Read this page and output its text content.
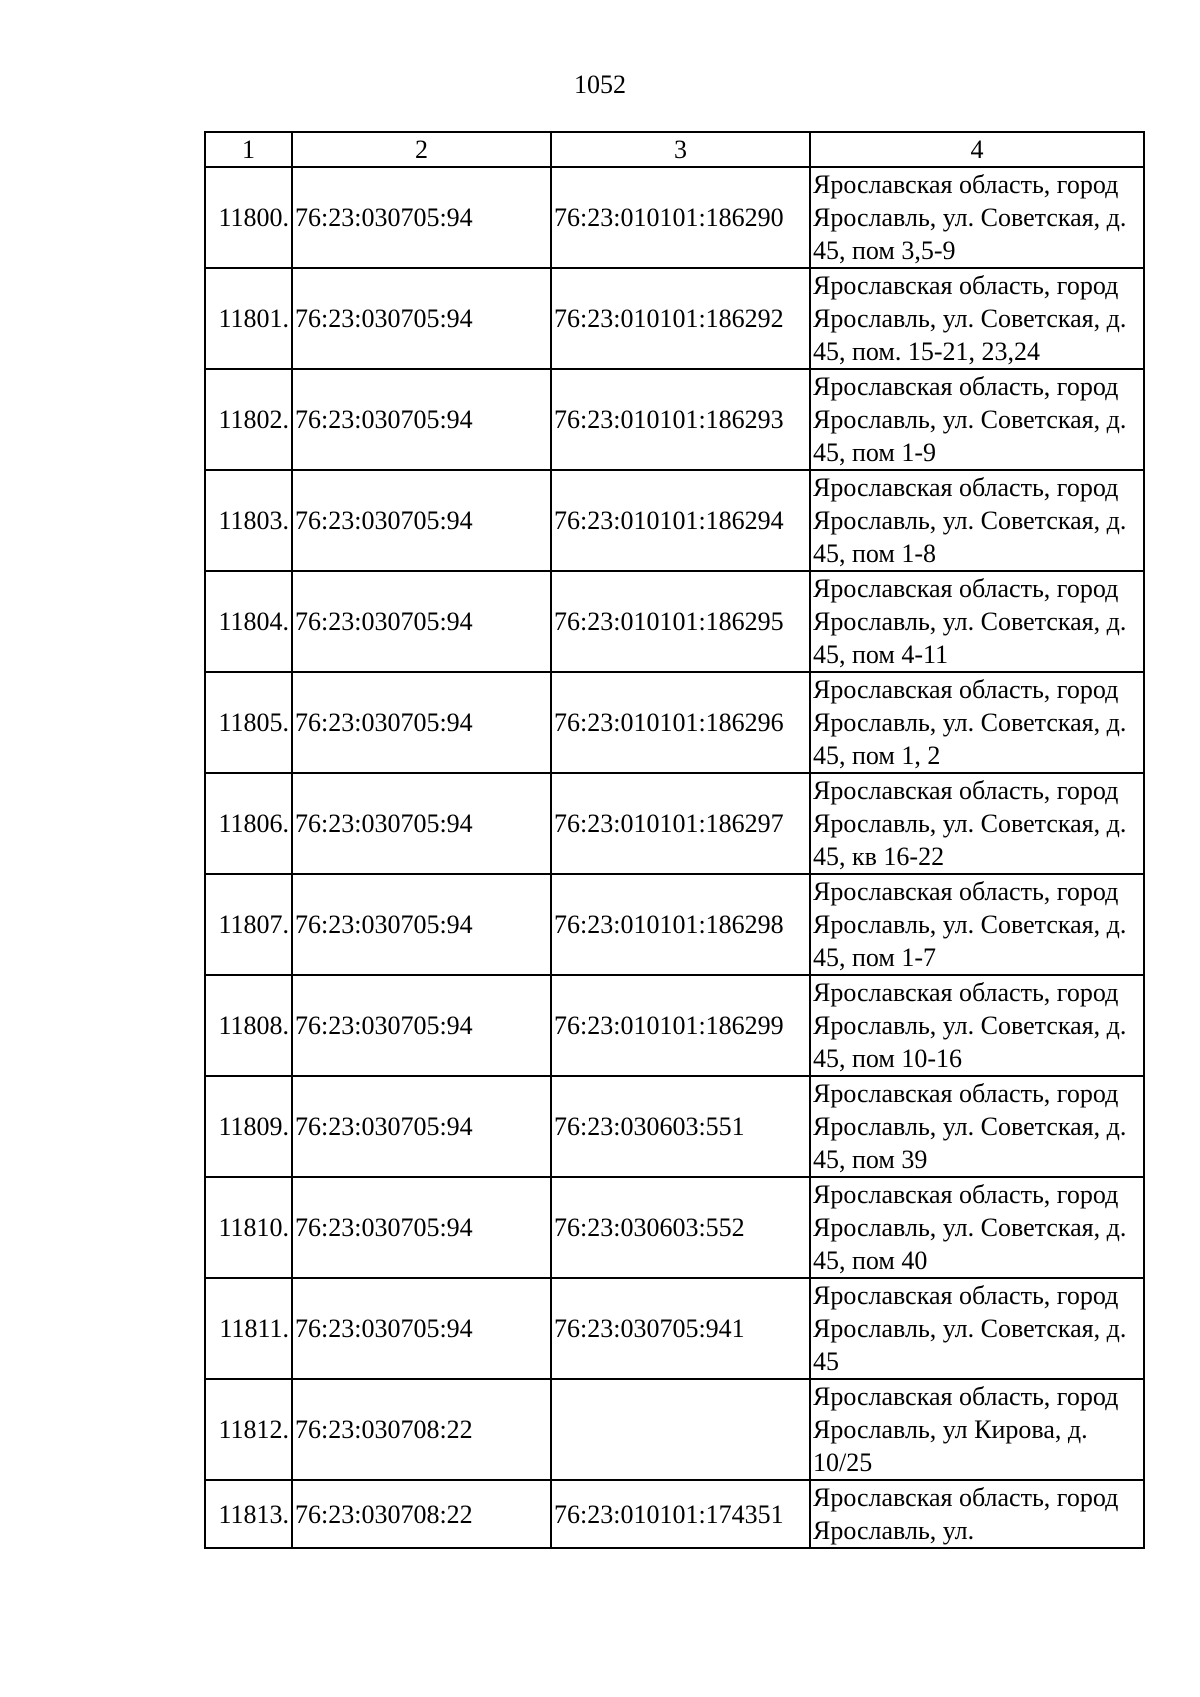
1052
1	2	3	4
11800.	76:23:030705:94	76:23:010101:186290	Ярославская область, город Ярославль, ул. Советская, д. 45, пом 3,5-9
11801.	76:23:030705:94	76:23:010101:186292	Ярославская область, город Ярославль, ул. Советская, д. 45, пом. 15-21, 23,24
11802.	76:23:030705:94	76:23:010101:186293	Ярославская область, город Ярославль, ул. Советская, д. 45, пом 1-9
11803.	76:23:030705:94	76:23:010101:186294	Ярославская область, город Ярославль, ул. Советская, д. 45, пом 1-8
11804.	76:23:030705:94	76:23:010101:186295	Ярославская область, город Ярославль, ул. Советская, д. 45, пом 4-11
11805.	76:23:030705:94	76:23:010101:186296	Ярославская область, город Ярославль, ул. Советская, д. 45, пом 1, 2
11806.	76:23:030705:94	76:23:010101:186297	Ярославская область, город Ярославль, ул. Советская, д. 45, кв 16-22
11807.	76:23:030705:94	76:23:010101:186298	Ярославская область, город Ярославль, ул. Советская, д. 45, пом 1-7
11808.	76:23:030705:94	76:23:010101:186299	Ярославская область, город Ярославль, ул. Советская, д. 45, пом 10-16
11809.	76:23:030705:94	76:23:030603:551	Ярославская область, город Ярославль, ул. Советская, д. 45, пом 39
11810.	76:23:030705:94	76:23:030603:552	Ярославская область, город Ярославль, ул. Советская, д. 45, пом 40
11811.	76:23:030705:94	76:23:030705:941	Ярославская область, город Ярославль, ул. Советская, д. 45
11812.	76:23:030708:22		Ярославская область, город Ярославль, ул Кирова, д. 10/25
11813.	76:23:030708:22	76:23:010101:174351	Ярославская область, город Ярославль, ул.
